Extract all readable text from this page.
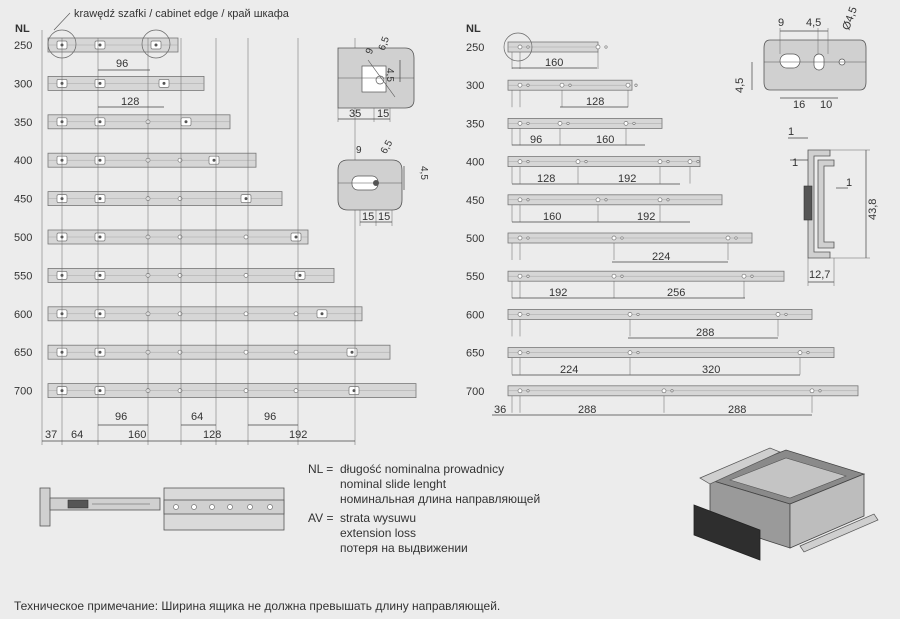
krawędź szafki / cabinet edge / край шкафа
NL
250
300
350
400
450
500
550
600
650
700
96
128
96	64	96
37 64	160	128	192
NL
250
300
350
400
450
500
550
600
650
700
160
128
96	160
128	192
160	192
224
192	256
288
224	320
36	288	288
9 6,5
4,5
35 15
9 6,5
4,5
15 15
9 4,5 Ø4,5
4,5
16 10
1
1
1
43,8
12,7
NL = długość nominalna prowadnicy
nominal slide lenght
номинальная длина направляющей
AV = strata wysuwu
extension loss
потеря на выдвижении
Техническое примечание: Ширина ящика не должна превышать длину направляющей.
